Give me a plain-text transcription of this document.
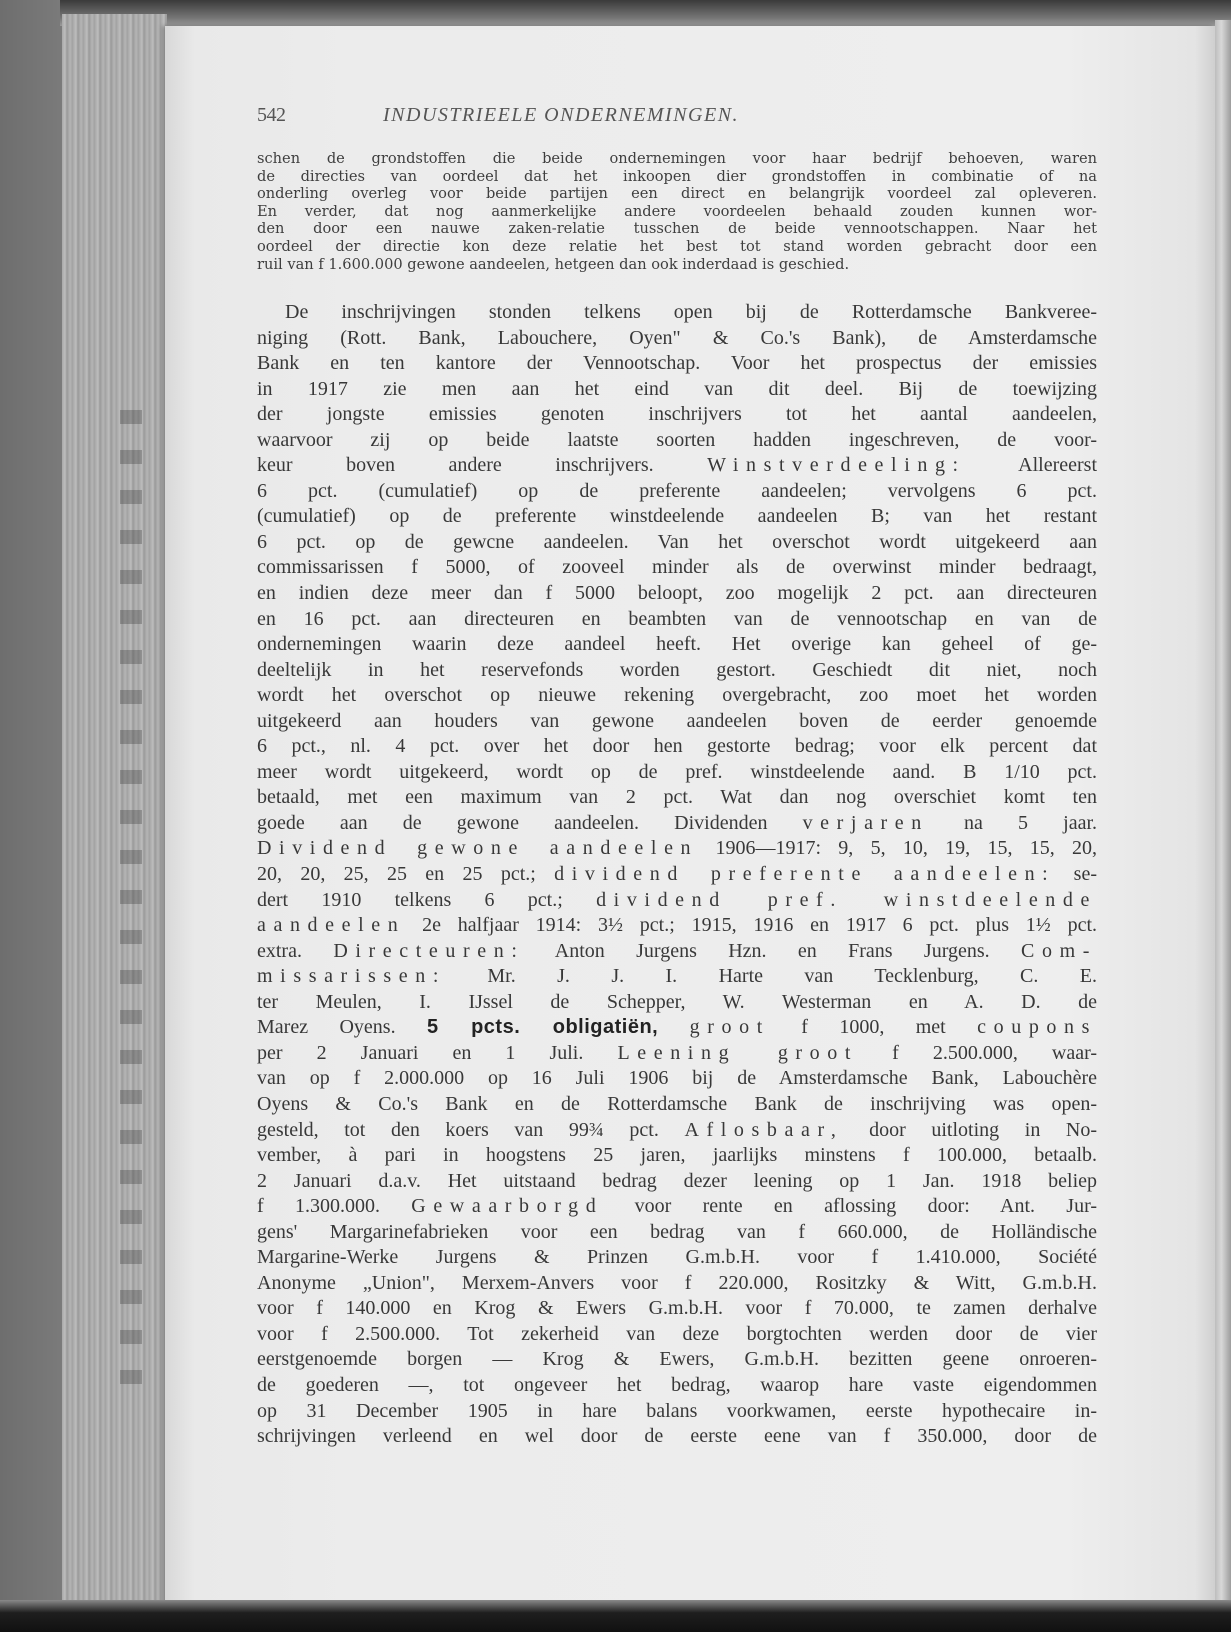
542	INDUSTRIEELE ONDERNEMINGEN.
schen de grondstoffen die beide ondernemingen voor haar bedrijf behoeven, waren
de directies van oordeel dat het inkoopen dier grondstoffen in combinatie of na
onderling overleg voor beide partijen een direct en belangrijk voordeel zal opleveren.
En verder, dat nog aanmerkelijke andere voordeelen behaald zouden kunnen wor-
den door een nauwe zaken-relatie tusschen de beide vennootschappen. Naar het
oordeel der directie kon deze relatie het best tot stand worden gebracht door een
ruil van f 1.600.000 gewone aandeelen, hetgeen dan ook inderdaad is geschied.
De inschrijvingen stonden telkens open bij de Rotterdamsche Bankveree-
niging (Rott. Bank, Labouchere, Oyen" & Co.'s Bank), de Amsterdamsche
Bank en ten kantore der Vennootschap. Voor het prospectus der emissies
in 1917 zie men aan het eind van dit deel. Bij de toewijzing
der jongste emissies genoten inschrijvers tot het aantal aandeelen,
waarvoor zij op beide laatste soorten hadden ingeschreven, de voor-
keur boven andere inschrijvers.	Winstverdeeling:	Allereerst
6 pct. (cumulatief) op de preferente aandeelen; vervolgens 6 pct.
(cumulatief) op de preferente winstdeelende aandeelen B; van het restant
6 pct. op de gewcne aandeelen. Van het overschot wordt uitgekeerd aan
commissarissen f 5000, of zooveel minder als de overwinst minder bedraagt,
en indien deze meer dan f 5000 beloopt, zoo mogelijk 2 pct. aan directeuren
en 16 pct. aan directeuren en beambten van de vennootschap en van de
ondernemingen waarin deze aandeel heeft. Het overige kan geheel of ge-
deeltelijk in het reservefonds worden gestort. Geschiedt dit niet, noch
wordt het overschot op nieuwe rekening overgebracht, zoo moet het worden
uitgekeerd aan houders van gewone aandeelen boven de eerder genoemde
6 pct., nl. 4 pct. over het door hen gestorte bedrag; voor elk percent dat
meer wordt uitgekeerd, wordt op de pref. winstdeelende aand. B 1/10 pct.
betaald, met een maximum van 2 pct. Wat dan nog overschiet komt ten
goede aan de gewone aandeelen. Dividenden verjaren na 5 jaar.
Dividend gewone aandeelen 1906—1917: 9, 5, 10, 19, 15, 15, 20,
20, 20, 25, 25 en 25 pct.; dividend preferente aandeelen: se-
dert 1910 telkens 6 pct.; dividend pref. winstdeelende
aandeelen 2e halfjaar 1914: 3½ pct.; 1915, 1916 en 1917 6 pct. plus 1½ pct.
extra. Directeuren: Anton Jurgens Hzn. en Frans Jurgens. Com-
missarissen: Mr. J. J. I. Harte van Tecklenburg, C. E.
ter Meulen, I. IJssel de Schepper, W. Westerman en A. D. de
Marez Oyens. 5 pcts. obligatiën, groot f 1000, met coupons
per 2 Januari en 1 Juli. Leening groot f 2.500.000, waar-
van op f 2.000.000 op 16 Juli 1906 bij de Amsterdamsche Bank, Labouchère
Oyens & Co.'s Bank en de Rotterdamsche Bank de inschrijving was open-
gesteld, tot den koers van 99¾ pct. Aflosbaar, door uitloting in No-
vember, à pari in hoogstens 25 jaren, jaarlijks minstens f 100.000, betaalb.
2 Januari d.a.v. Het uitstaand bedrag dezer leening op 1 Jan. 1918 beliep
f 1.300.000. Gewaarborgd voor rente en aflossing door: Ant. Jur-
gens' Margarinefabrieken voor een bedrag van f 660.000, de Holländische
Margarine-Werke Jurgens & Prinzen G.m.b.H. voor f 1.410.000, Société
Anonyme „Union", Merxem-Anvers voor f 220.000, Rositzky & Witt, G.m.b.H.
voor f 140.000 en Krog & Ewers G.m.b.H. voor f 70.000, te zamen derhalve
voor f 2.500.000. Tot zekerheid van deze borgtochten werden door de vier
eerstgenoemde borgen — Krog & Ewers, G.m.b.H. bezitten geene onroeren-
de goederen —, tot ongeveer het bedrag, waarop hare vaste eigendommen
op 31 December 1905 in hare balans voorkwamen, eerste hypothecaire in-
schrijvingen verleend en wel door de eerste eene van f 350.000, door de
